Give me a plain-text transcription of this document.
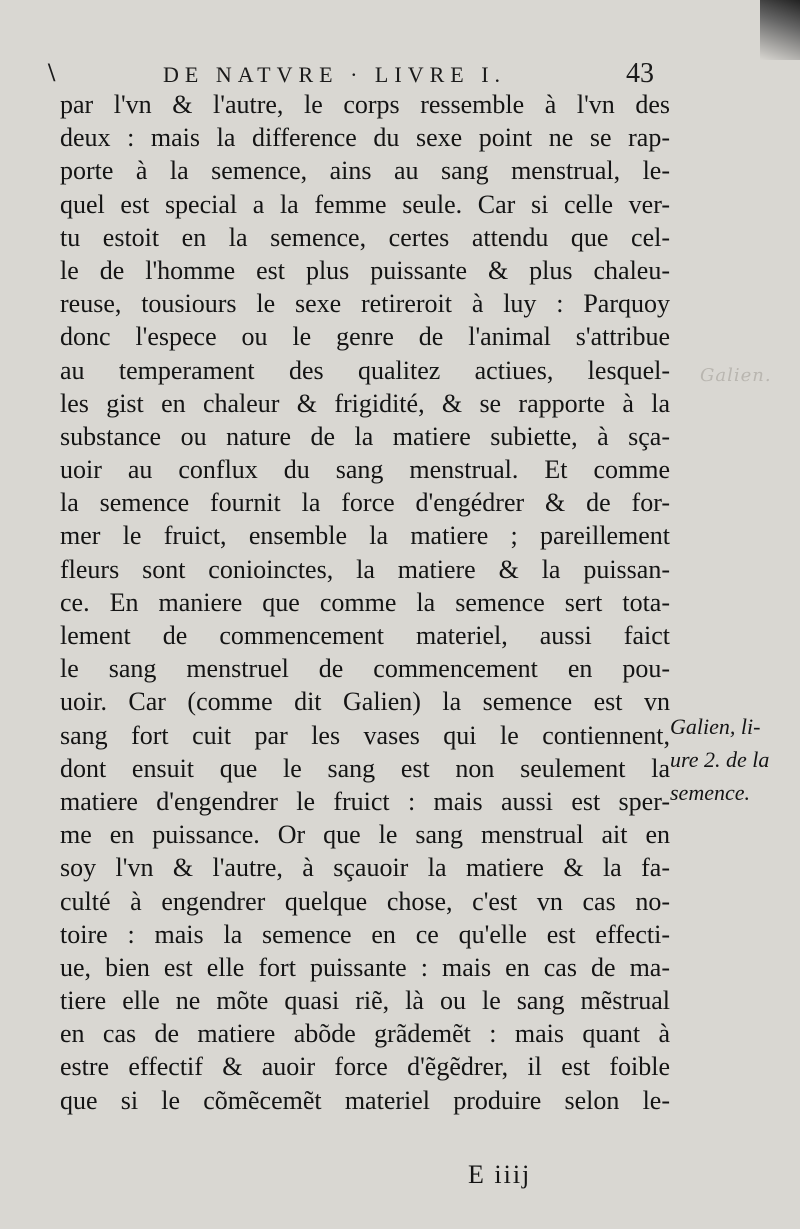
Galien.
\	DE NATVRE · LIVRE I.	43
par l'vn & l'autre, le corps ressemble à l'vn des
deux : mais la difference du sexe point ne se rap-
porte à la semence, ains au sang menstrual, le-
quel est special a la femme seule. Car si celle ver-
tu estoit en la semence, certes attendu que cel-
le de l'homme est plus puissante & plus chaleu-
reuse, tousiours le sexe retireroit à luy : Parquoy
donc l'espece ou le genre de l'animal s'attribue
au temperament des qualitez actiues, lesquel-
les gist en chaleur & frigidité, & se rapporte à la
substance ou nature de la matiere subiette, à sça-
uoir au conflux du sang menstrual. Et comme
la semence fournit la force d'engédrer & de for-
mer le fruict, ensemble la matiere ; pareillement
fleurs sont conioinctes, la matiere & la puissan-
ce. En maniere que comme la semence sert tota-
lement de commencement materiel, aussi faict
le sang menstruel de commencement en pou-
uoir. Car (comme dit Galien) la semence est vn
sang fort cuit par les vases qui le contiennent,
dont ensuit que le sang est non seulement la
matiere d'engendrer le fruict : mais aussi est sper-
me en puissance. Or que le sang menstrual ait en
soy l'vn & l'autre, à sçauoir la matiere & la fa-
culté à engendrer quelque chose, c'est vn cas no-
toire : mais la semence en ce qu'elle est effecti-
ue, bien est elle fort puissante : mais en cas de ma-
tiere elle ne mõte quasi riẽ, là ou le sang mẽstrual
en cas de matiere abõde grãdemẽt : mais quant à
estre effectif & auoir force d'ẽgẽdrer, il est foible
que si le cõmẽcemẽt materiel produire selon le-
Galien, li-
ure 2. de la
semence.
E iiij
